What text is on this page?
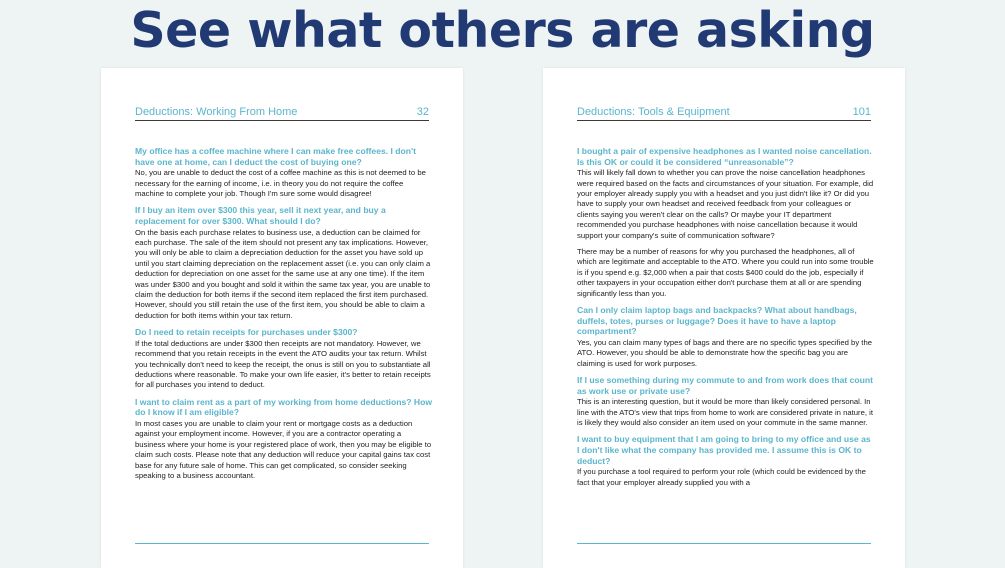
See what others are asking
Deductions: Working From Home	32
My office has a coffee machine where I can make free coffees. I don't have one at home, can I deduct the cost of buying one?
No, you are unable to deduct the cost of a coffee machine as this is not deemed to be necessary for the earning of income, i.e. in theory you do not require the coffee machine to complete your job. Though I'm sure some would disagree!
If I buy an item over $300 this year, sell it next year, and buy a replacement for over $300. What should I do?
On the basis each purchase relates to business use, a deduction can be claimed for each purchase. The sale of the item should not present any tax implications. However, you will only be able to claim a depreciation deduction for the asset you have sold up until you start claiming depreciation on the replacement asset (i.e. you can only claim a deduction for depreciation on one asset for the same use at any one time). If the item was under $300 and you bought and sold it within the same tax year, you are unable to claim the deduction for both items if the second item replaced the first item purchased. However, should you still retain the use of the first item, you should be able to claim a deduction for both items within your tax return.
Do I need to retain receipts for purchases under $300?
If the total deductions are under $300 then receipts are not mandatory. However, we recommend that you retain receipts in the event the ATO audits your tax return. Whilst you technically don't need to keep the receipt, the onus is still on you to substantiate all deductions where reasonable. To make your own life easier, it's better to retain receipts for all purchases you intend to deduct.
I want to claim rent as a part of my working from home deductions? How do I know if I am eligible?
In most cases you are unable to claim your rent or mortgage costs as a deduction against your employment income. However, if you are a contractor operating a business where your home is your registered place of work, then you may be eligible to claim such costs. Please note that any deduction will reduce your capital gains tax cost base for any future sale of home. This can get complicated, so consider seeking speaking to a business accountant.
Deductions: Tools & Equipment	101
I bought a pair of expensive headphones as I wanted noise cancellation. Is this OK or could it be considered “unreasonable”?
This will likely fall down to whether you can prove the noise cancellation headphones were required based on the facts and circumstances of your situation. For example, did your employer already supply you with a headset and you just didn't like it? Or did you have to supply your own headset and received feedback from your colleagues or clients saying you weren't clear on the calls? Or maybe your IT department recommended you purchase headphones with noise cancellation because it would support your company's suite of communication software?
There may be a number of reasons for why you purchased the headphones, all of which are legitimate and acceptable to the ATO. Where you could run into some trouble is if you spend e.g. $2,000 when a pair that costs $400 could do the job, especially if other taxpayers in your occupation either don't purchase them at all or are spending significantly less than you.
Can I only claim laptop bags and backpacks? What about handbags, duffels, totes, purses or luggage? Does it have to have a laptop compartment?
Yes, you can claim many types of bags and there are no specific types specified by the ATO. However, you should be able to demonstrate how the specific bag you are claiming is used for work purposes.
If I use something during my commute to and from work does that count as work use or private use?
This is an interesting question, but it would be more than likely considered personal. In line with the ATO's view that trips from home to work are considered private in nature, it is likely they would also consider an item used on your commute in the same manner.
I want to buy equipment that I am going to bring to my office and use as I don't like what the company has provided me. I assume this is OK to deduct?
If you purchase a tool required to perform your role (which could be evidenced by the fact that your employer already supplied you with a
